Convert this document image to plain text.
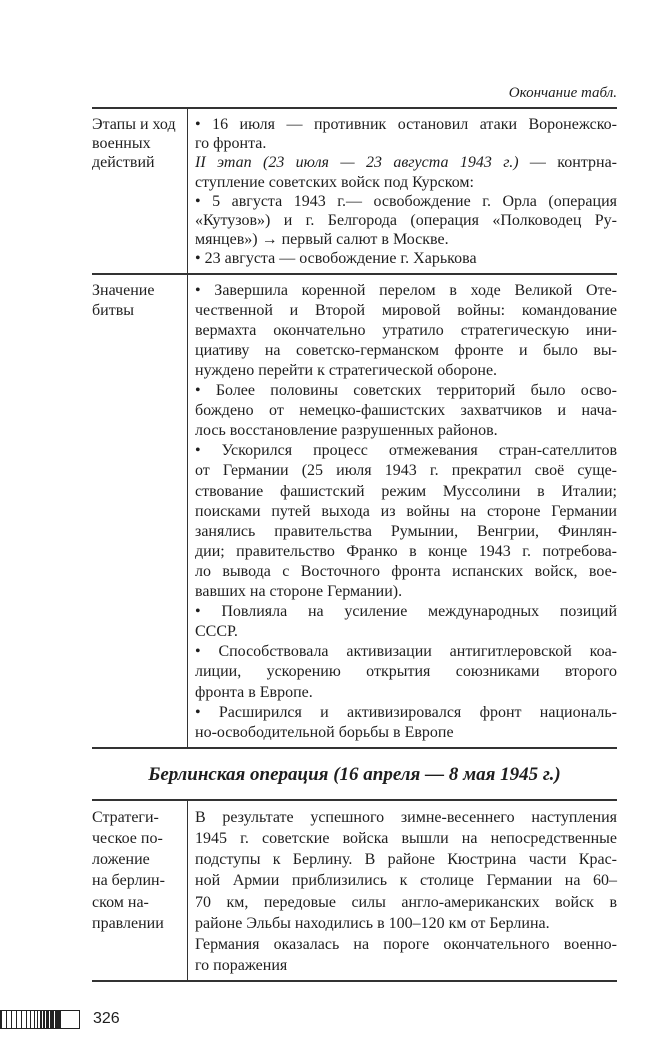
Окончание табл.
Этапы и ход
военных
действий
• 16 июля — противник остановил атаки Воронежско-
го фронта.
II этап (23 июля — 23 августа 1943 г.) — контрна-
ступление советских войск под Курском:
• 5 августа 1943 г.— освобождение г. Орла (операция
«Кутузов») и г. Белгорода (операция «Полководец Ру-
мянцев») → первый салют в Москве.
• 23 августа — освобождение г. Харькова
Значение
битвы
• Завершила коренной перелом в ходе Великой Оте-
чественной и Второй мировой войны: командование
вермахта окончательно утратило стратегическую ини-
циативу на советско-германском фронте и было вы-
нуждено перейти к стратегической обороне.
• Более половины советских территорий было осво-
бождено от немецко-фашистских захватчиков и нача-
лось восстановление разрушенных районов.
• Ускорился процесс отмежевания стран-сателлитов
от Германии (25 июля 1943 г. прекратил своё суще-
ствование фашистский режим Муссолини в Италии;
поисками путей выхода из войны на стороне Германии
занялись правительства Румынии, Венгрии, Финлян-
дии; правительство Франко в конце 1943 г. потребова-
ло вывода с Восточного фронта испанских войск, вое-
вавших на стороне Германии).
• Повлияла на усиление международных позиций
СССР.
• Способствовала активизации антигитлеровской коа-
лиции, ускорению открытия союзниками второго
фронта в Европе.
• Расширился и активизировался фронт националь-
но-освободительной борьбы в Европе
Берлинская операция (16 апреля — 8 мая 1945 г.)
Стратеги-
ческое по-
ложение
на берлин-
ском на-
правлении
В результате успешного зимне-весеннего наступления
1945 г. советские войска вышли на непосредственные
подступы к Берлину. В районе Кюстрина части Крас-
ной Армии приблизились к столице Германии на 60–
70 км, передовые силы англо-американских войск в
районе Эльбы находились в 100–120 км от Берлина.
Германия оказалась на пороге окончательного военно-
го поражения
326
